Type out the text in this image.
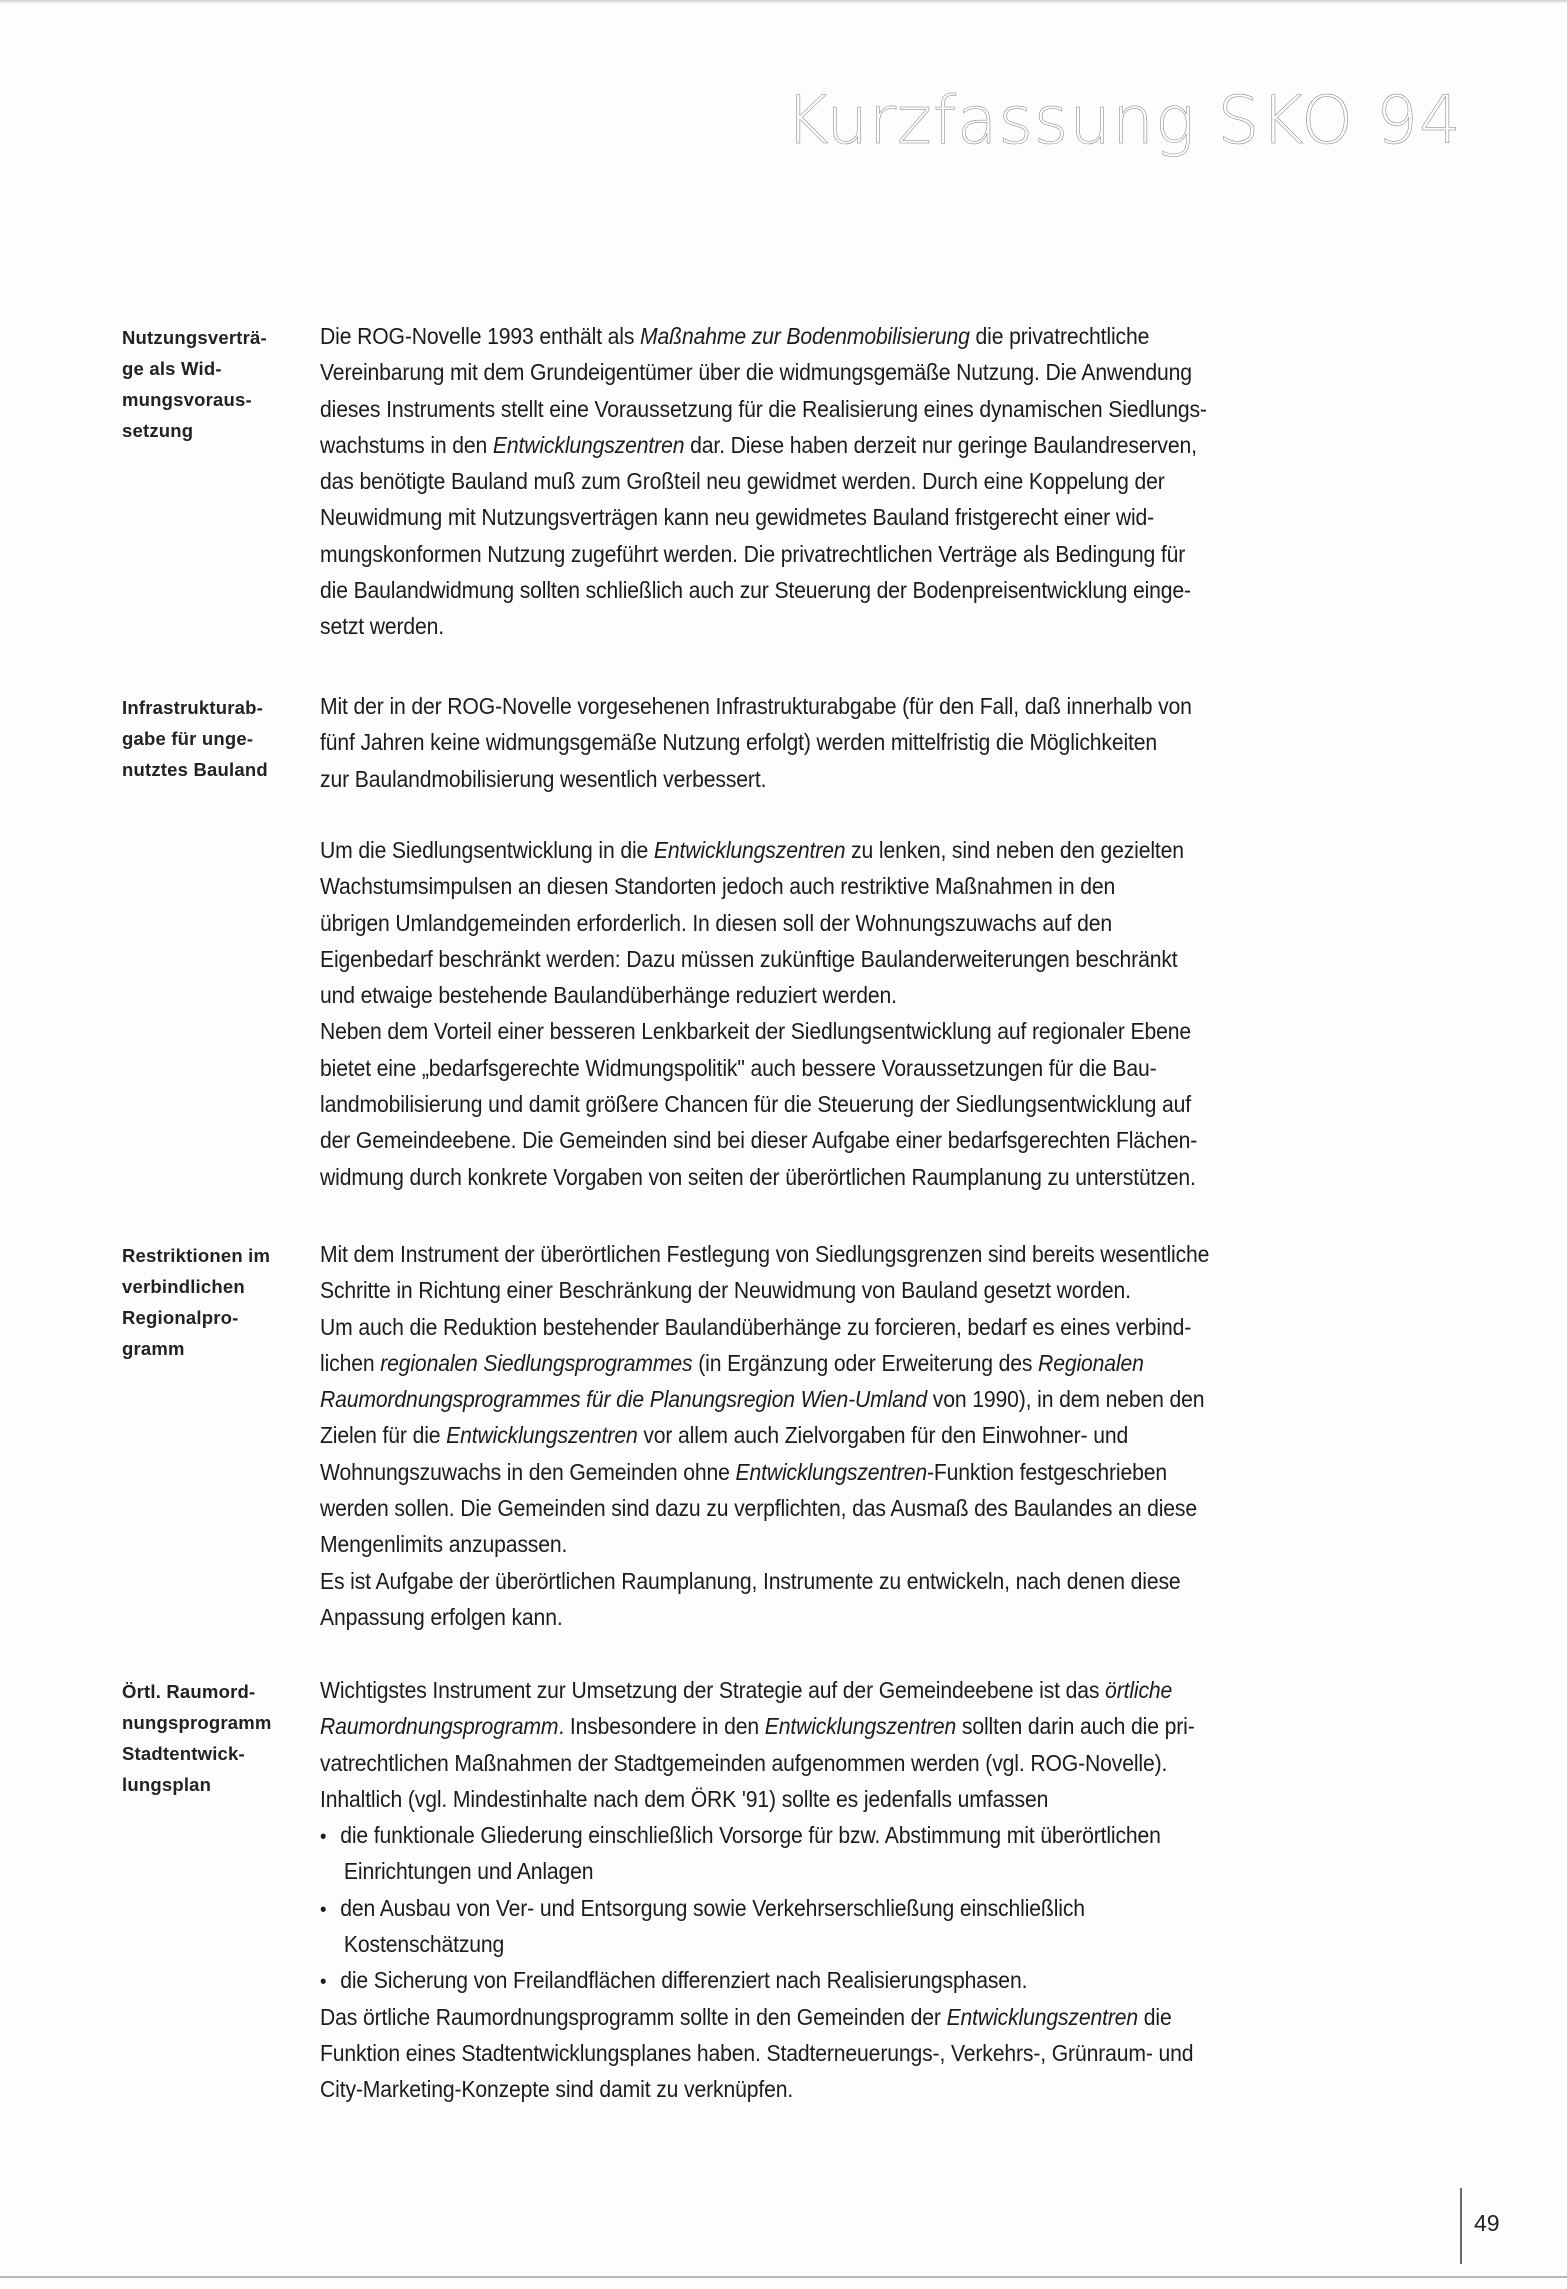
Kurzfassung SKO 94
Nutzungsverträ-
ge als Wid-
mungsvoraus-
setzung
Infrastrukturab-
gabe für unge-
nutztes Bauland
Restriktionen im
verbindlichen
Regionalpro-
gramm
Örtl. Raumord-
nungsprogramm
Stadtentwick-
lungsplan
Die ROG-Novelle 1993 enthält als Maßnahme zur Bodenmobilisierung die privatrechtliche
Vereinbarung mit dem Grundeigentümer über die widmungsgemäße Nutzung. Die Anwendung
dieses Instruments stellt eine Voraussetzung für die Realisierung eines dynamischen Siedlungs-
wachstums in den Entwicklungszentren dar. Diese haben derzeit nur geringe Baulandreserven,
das benötigte Bauland muß zum Großteil neu gewidmet werden. Durch eine Koppelung der
Neuwidmung mit Nutzungsverträgen kann neu gewidmetes Bauland fristgerecht einer wid-
mungskonformen Nutzung zugeführt werden. Die privatrechtlichen Verträge als Bedingung für
die Baulandwidmung sollten schließlich auch zur Steuerung der Bodenpreisentwicklung einge-
setzt werden.
Mit der in der ROG-Novelle vorgesehenen Infrastrukturabgabe (für den Fall, daß innerhalb von
fünf Jahren keine widmungsgemäße Nutzung erfolgt) werden mittelfristig die Möglichkeiten
zur Baulandmobilisierung wesentlich verbessert.
Um die Siedlungsentwicklung in die Entwicklungszentren zu lenken, sind neben den gezielten
Wachstumsimpulsen an diesen Standorten jedoch auch restriktive Maßnahmen in den
übrigen Umlandgemeinden erforderlich. In diesen soll der Wohnungszuwachs auf den
Eigenbedarf beschränkt werden: Dazu müssen zukünftige Baulanderweiterungen beschränkt
und etwaige bestehende Baulandüberhänge reduziert werden.
Neben dem Vorteil einer besseren Lenkbarkeit der Siedlungsentwicklung auf regionaler Ebene
bietet eine „bedarfsgerechte Widmungspolitik" auch bessere Voraussetzungen für die Bau-
landmobilisierung und damit größere Chancen für die Steuerung der Siedlungsentwicklung auf
der Gemeindeebene. Die Gemeinden sind bei dieser Aufgabe einer bedarfsgerechten Flächen-
widmung durch konkrete Vorgaben von seiten der überörtlichen Raumplanung zu unterstützen.
Mit dem Instrument der überörtlichen Festlegung von Siedlungsgrenzen sind bereits wesentliche
Schritte in Richtung einer Beschränkung der Neuwidmung von Bauland gesetzt worden.
Um auch die Reduktion bestehender Baulandüberhänge zu forcieren, bedarf es eines verbind-
lichen regionalen Siedlungsprogrammes (in Ergänzung oder Erweiterung des Regionalen
Raumordnungsprogrammes für die Planungsregion Wien-Umland von 1990), in dem neben den
Zielen für die Entwicklungszentren vor allem auch Zielvorgaben für den Einwohner- und
Wohnungszuwachs in den Gemeinden ohne Entwicklungszentren-Funktion festgeschrieben
werden sollen. Die Gemeinden sind dazu zu verpflichten, das Ausmaß des Baulandes an diese
Mengenlimits anzupassen.
Es ist Aufgabe der überörtlichen Raumplanung, Instrumente zu entwickeln, nach denen diese
Anpassung erfolgen kann.
Wichtigstes Instrument zur Umsetzung der Strategie auf der Gemeindeebene ist das örtliche
Raumordnungsprogramm. Insbesondere in den Entwicklungszentren sollten darin auch die pri-
vatrechtlichen Maßnahmen der Stadtgemeinden aufgenommen werden (vgl. ROG-Novelle).
Inhaltlich (vgl. Mindestinhalte nach dem ÖRK '91) sollte es jedenfalls umfassen
• die funktionale Gliederung einschließlich Vorsorge für bzw. Abstimmung mit überörtlichen
Einrichtungen und Anlagen
• den Ausbau von Ver- und Entsorgung sowie Verkehrserschließung einschließlich
Kostenschätzung
• die Sicherung von Freilandflächen differenziert nach Realisierungsphasen.
Das örtliche Raumordnungsprogramm sollte in den Gemeinden der Entwicklungszentren die
Funktion eines Stadtentwicklungsplanes haben. Stadterneuerungs-, Verkehrs-, Grünraum- und
City-Marketing-Konzepte sind damit zu verknüpfen.
49
